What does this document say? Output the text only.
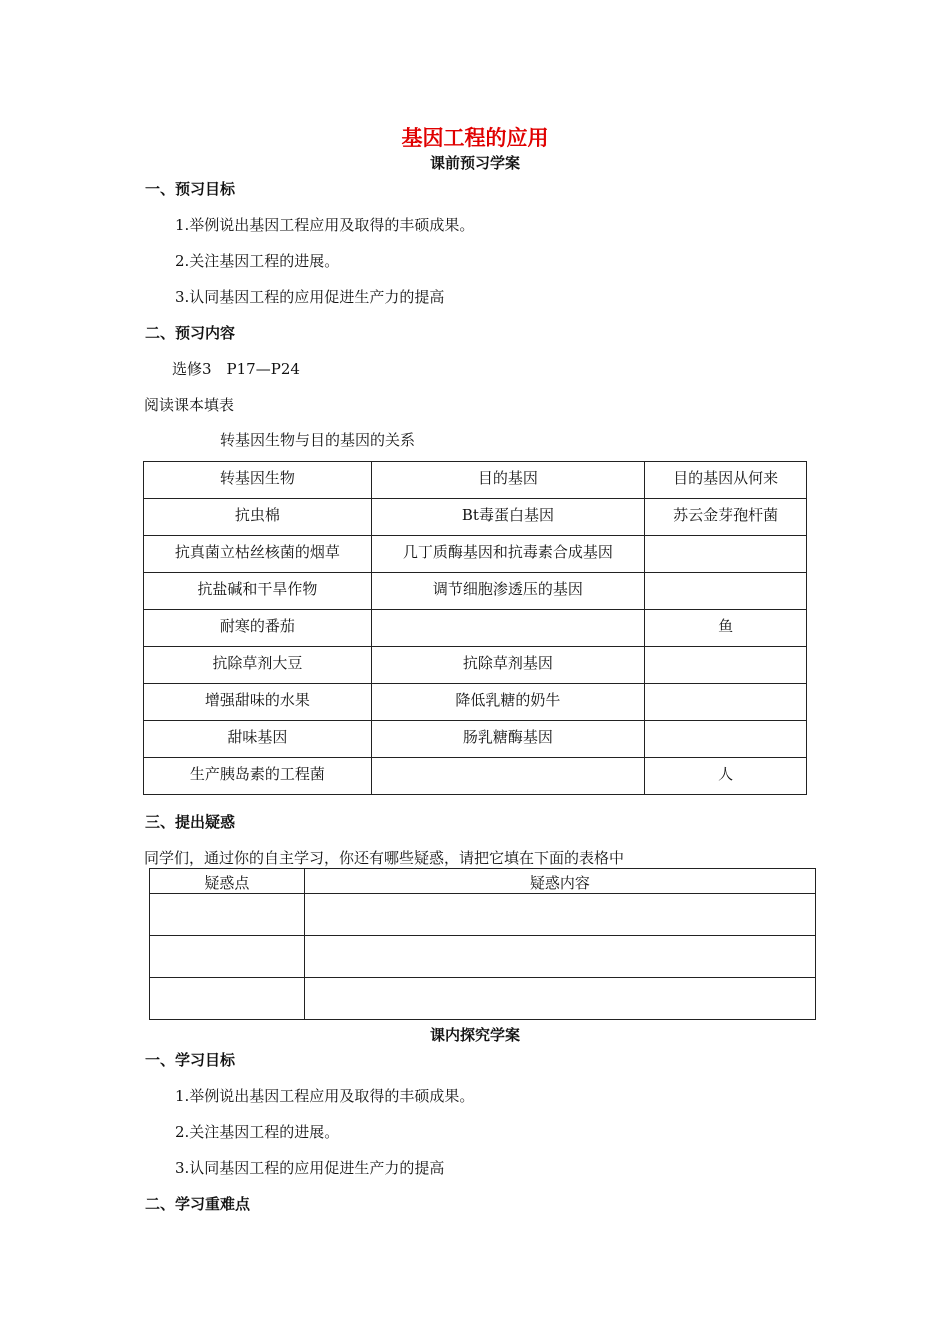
基因工程的应用
课前预习学案
一、预习目标
1.举例说出基因工程应用及取得的丰硕成果。
2.关注基因工程的进展。
3.认同基因工程的应用促进生产力的提高
二、预习内容
选修3　P17—P24
阅读课本填表
转基因生物与目的基因的关系
转基因生物	目的基因	目的基因从何来
抗虫棉	Bt毒蛋白基因	苏云金芽孢杆菌
抗真菌立枯丝核菌的烟草	几丁质酶基因和抗毒素合成基因	
抗盐碱和干旱作物	调节细胞渗透压的基因	
耐寒的番茄		鱼
抗除草剂大豆	抗除草剂基因	
增强甜味的水果	降低乳糖的奶牛	
甜味基因	肠乳糖酶基因	
生产胰岛素的工程菌		人
三、提出疑惑
同学们，通过你的自主学习，你还有哪些疑惑，请把它填在下面的表格中
疑惑点	疑惑内容

课内探究学案
一、学习目标
1.举例说出基因工程应用及取得的丰硕成果。
2.关注基因工程的进展。
3.认同基因工程的应用促进生产力的提高
二、学习重难点
